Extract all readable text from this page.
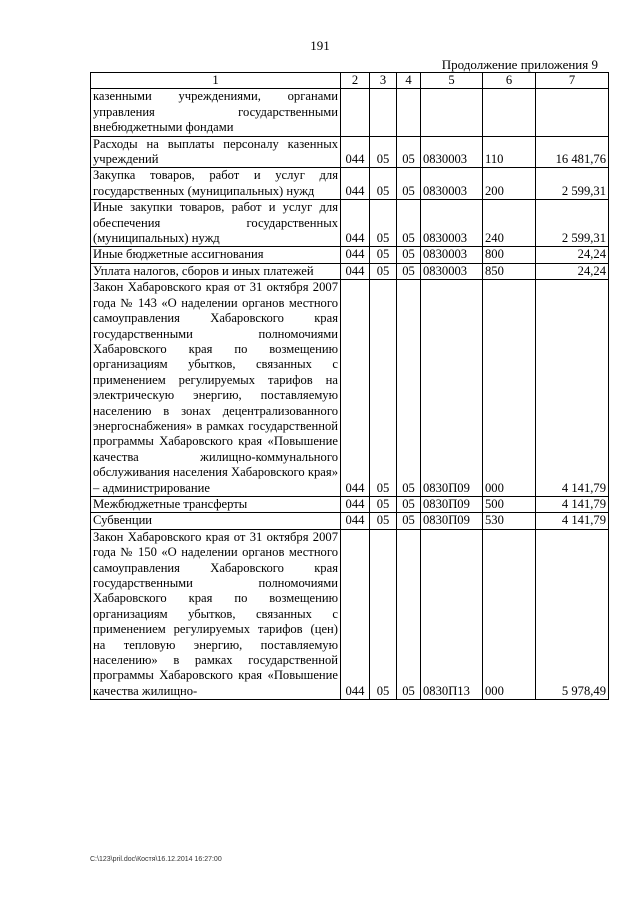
191
Продолжение приложения 9
1	2	3	4	5	6	7
казенными учреждениями, органами управления государственными внебюджетными фондами						
Расходы на выплаты персоналу казенных учреждений	044	05	05	0830003	110	16 481,76
Закупка товаров, работ и услуг для государственных (муниципальных) нужд	044	05	05	0830003	200	2 599,31
Иные закупки товаров, работ и услуг для обеспечения государственных (муниципальных) нужд	044	05	05	0830003	240	2 599,31
Иные бюджетные ассигнования	044	05	05	0830003	800	24,24
Уплата налогов, сборов и иных платежей	044	05	05	0830003	850	24,24
Закон Хабаровского края от 31 октября 2007 года № 143 «О наделении органов местного самоуправления Хабаровского края государственными полномочиями Хабаровского края по возмещению организациям убытков, связанных с применением регулируемых тарифов на электрическую энергию, поставляемую населению в зонах децентрализованного энергоснабжения» в рамках государственной программы Хабаровского края «Повышение качества жилищно-коммунального обслуживания населения Хабаровского края» – администрирование	044	05	05	0830П09	000	4 141,79
Межбюджетные трансферты	044	05	05	0830П09	500	4 141,79
Субвенции	044	05	05	0830П09	530	4 141,79
Закон Хабаровского края от 31 октября 2007 года № 150 «О наделении органов местного самоуправления Хабаровского края государственными полномочиями Хабаровского края по возмещению организациям убытков, связанных с применением регулируемых тарифов (цен) на тепловую энергию, поставляемую населению» в рамках государственной программы Хабаровского края «Повышение качества жилищно-	044	05	05	0830П13	000	5 978,49
C:\123\pril.doc\Костя\16.12.2014 16:27:00
